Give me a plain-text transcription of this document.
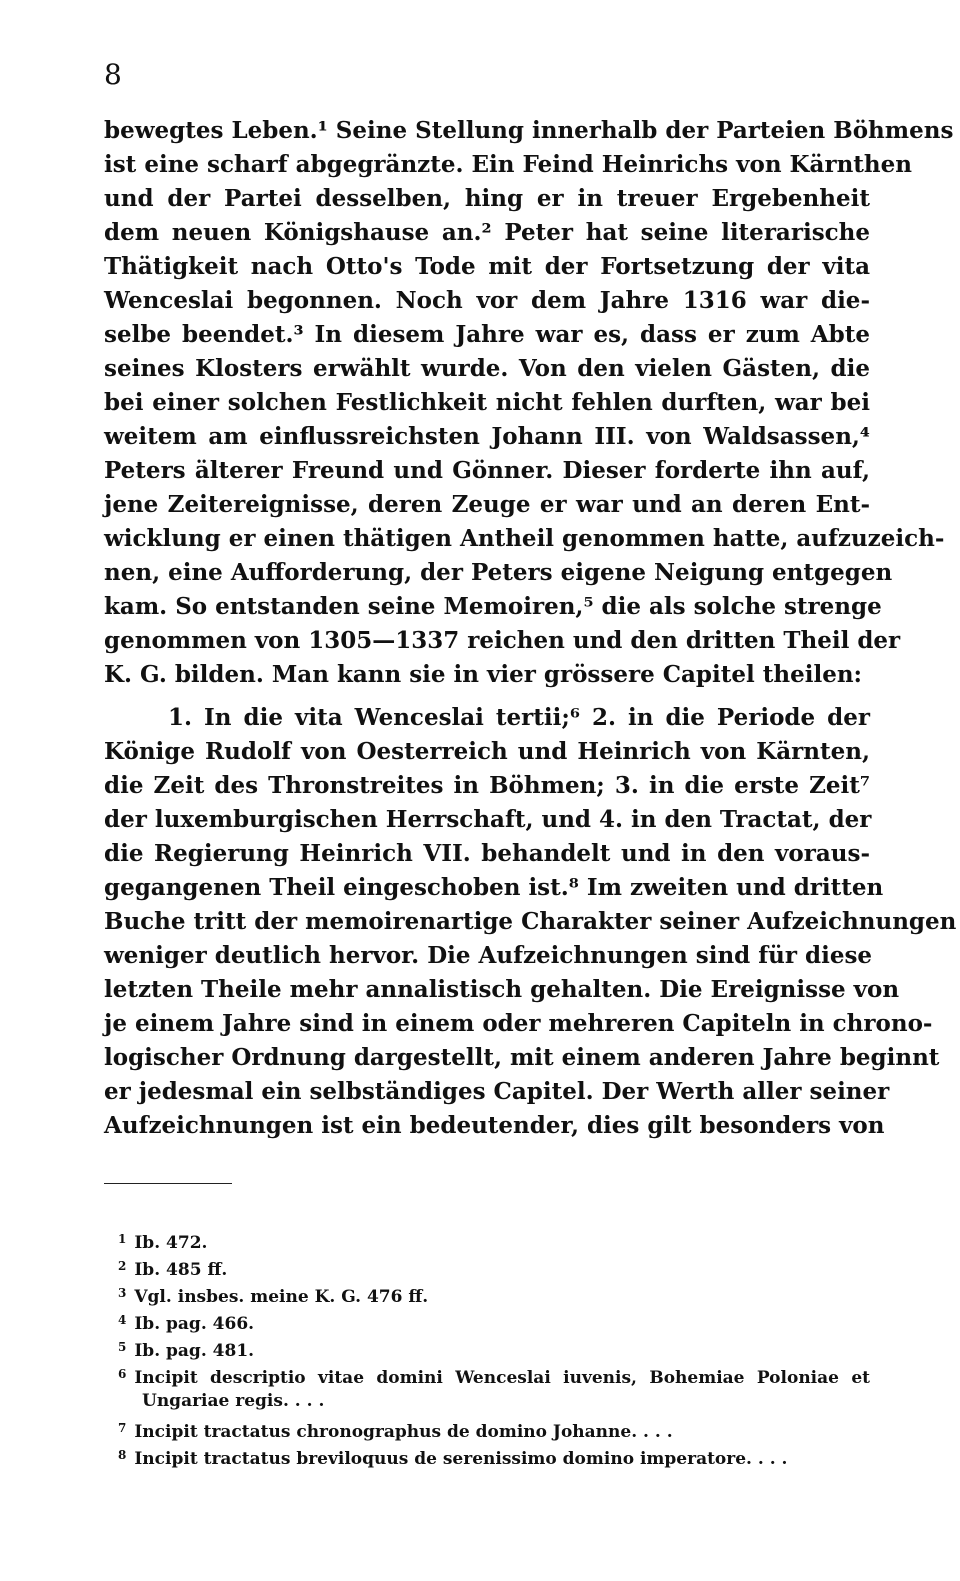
8
bewegtes Leben.¹ Seine Stellung innerhalb der Parteien Böhmens
ist eine scharf abgegränzte. Ein Feind Heinrichs von Kärnthen
und der Partei desselben, hing er in treuer Ergebenheit
dem neuen Königshause an.² Peter hat seine literarische
Thätigkeit nach Otto's Tode mit der Fortsetzung der vita
Wenceslai begonnen. Noch vor dem Jahre 1316 war die-
selbe beendet.³ In diesem Jahre war es, dass er zum Abte
seines Klosters erwählt wurde. Von den vielen Gästen, die
bei einer solchen Festlichkeit nicht fehlen durften, war bei
weitem am einflussreichsten Johann III. von Waldsassen,⁴
Peters älterer Freund und Gönner. Dieser forderte ihn auf,
jene Zeitereignisse, deren Zeuge er war und an deren Ent-
wicklung er einen thätigen Antheil genommen hatte, aufzuzeich-
nen, eine Aufforderung, der Peters eigene Neigung entgegen
kam. So entstanden seine Memoiren,⁵ die als solche strenge
genommen von 1305—1337 reichen und den dritten Theil der
K. G. bilden. Man kann sie in vier grössere Capitel theilen:
1. In die vita Wenceslai tertii;⁶ 2. in die Periode der
Könige Rudolf von Oesterreich und Heinrich von Kärnten,
die Zeit des Thronstreites in Böhmen; 3. in die erste Zeit⁷
der luxemburgischen Herrschaft, und 4. in den Tractat, der
die Regierung Heinrich VII. behandelt und in den voraus-
gegangenen Theil eingeschoben ist.⁸ Im zweiten und dritten
Buche tritt der memoirenartige Charakter seiner Aufzeichnungen
weniger deutlich hervor. Die Aufzeichnungen sind für diese
letzten Theile mehr annalistisch gehalten. Die Ereignisse von
je einem Jahre sind in einem oder mehreren Capiteln in chrono-
logischer Ordnung dargestellt, mit einem anderen Jahre beginnt
er jedesmal ein selbständiges Capitel. Der Werth aller seiner
Aufzeichnungen ist ein bedeutender, dies gilt besonders von
$^1$ Ib. 472.
$^2$ Ib. 485 ff.
$^3$ Vgl. insbes. meine K. G. 476 ff.
$^4$ Ib. pag. 466.
$^5$ Ib. pag. 481.
$^6$ Incipit descriptio vitae domini Wenceslai iuvenis, Bohemiae Poloniae et
Ungariae regis. . . .
$^7$ Incipit tractatus chronographus de domino Johanne. . . .
$^8$ Incipit tractatus breviloquus de serenissimo domino imperatore. . . .
